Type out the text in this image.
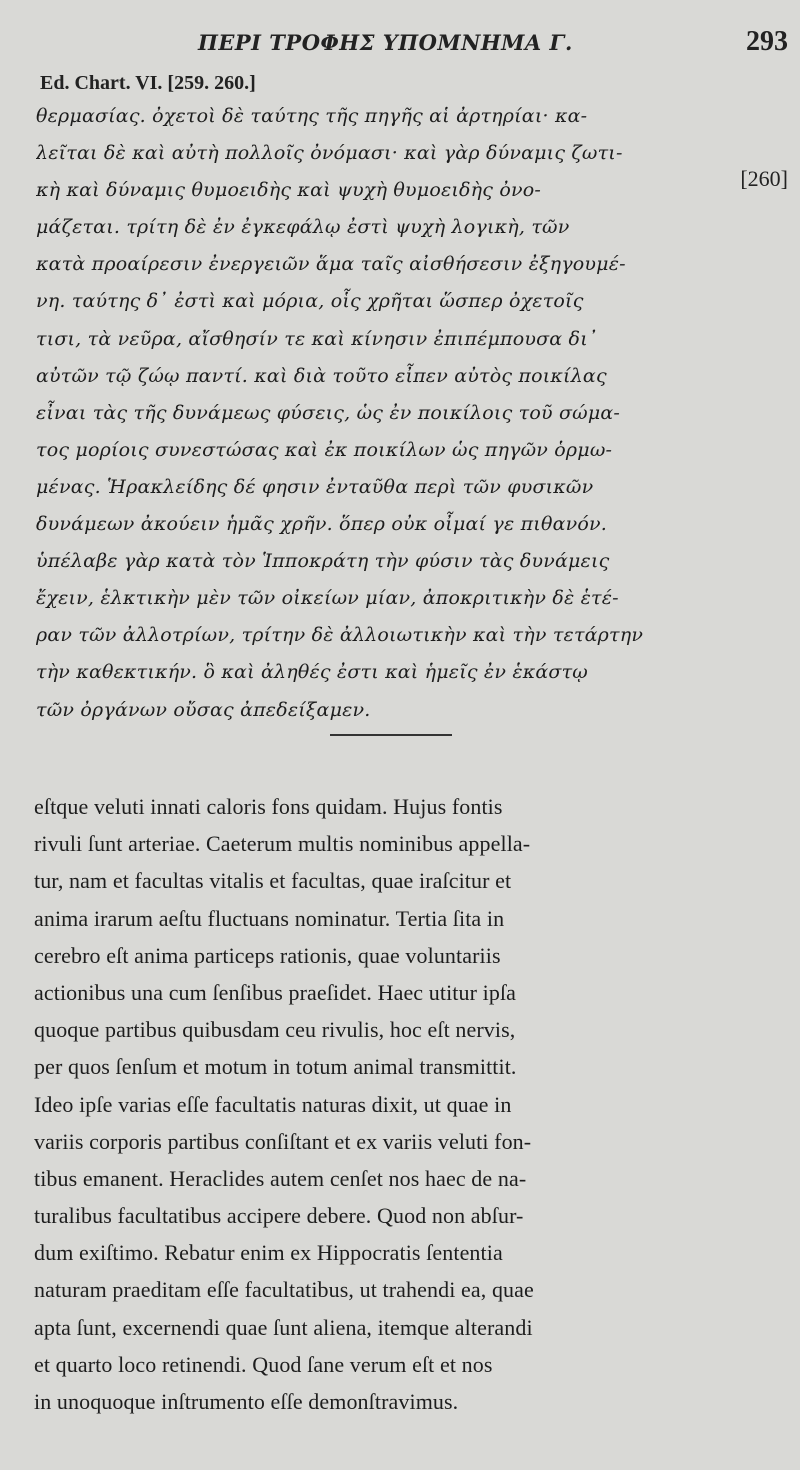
ΠΕΡΙ ΤΡΟΦΗΣ ΥΠΟΜΝΗΜΑ Γ.	293
Ed. Chart. VI. [259. 260.]
θερμασίας. ὀχετοὶ δὲ ταύτης τῆς πηγῆς αἱ ἀρτηρίαι· κα-
λεῖται δὲ καὶ αὐτὴ πολλοῖς ὀνόμασι· καὶ γὰρ δύναμις ζωτι-
κὴ καὶ δύναμις θυμοειδὴς καὶ ψυχὴ θυμοειδὴς ὀνο-
μάζεται. τρίτη δὲ ἐν ἐγκεφάλῳ ἐστὶ ψυχὴ λογικὴ, τῶν
κατὰ προαίρεσιν ἐνεργειῶν ἅμα ταῖς αἰσθήσεσιν ἐξηγουμέ-
νη. ταύτης δ᾽ ἐστὶ καὶ μόρια, οἷς χρῆται ὥσπερ ὀχετοῖς
τισι, τὰ νεῦρα, αἴσθησίν τε καὶ κίνησιν ἐπιπέμπουσα δι᾽
αὐτῶν τῷ ζώῳ παντί. καὶ διὰ τοῦτο εἶπεν αὐτὸς ποικίλας
εἶναι τὰς τῆς δυνάμεως φύσεις, ὡς ἐν ποικίλοις τοῦ σώμα-
τος μορίοις συνεστώσας καὶ ἐκ ποικίλων ὡς πηγῶν ὁρμω-
μένας. Ἡρακλείδης δέ φησιν ἐνταῦθα περὶ τῶν φυσικῶν
δυνάμεων ἀκούειν ἡμᾶς χρῆν. ὅπερ οὐκ οἶμαί γε πιθανόν.
ὑπέλαβε γὰρ κατὰ τὸν Ἱπποκράτη τὴν φύσιν τὰς δυνάμεις
ἔχειν, ἑλκτικὴν μὲν τῶν οἰκείων μίαν, ἀποκριτικὴν δὲ ἑτέ-
ραν τῶν ἀλλοτρίων, τρίτην δὲ ἀλλοιωτικὴν καὶ τὴν τετάρτην
τὴν καθεκτικήν. ὃ καὶ ἀληθές ἐστι καὶ ἡμεῖς ἐν ἑκάστῳ
τῶν ὀργάνων οὔσας ἀπεδείξαμεν.
[260]
eſtque veluti innati caloris fons quidam. Hujus fontis
rivuli ſunt arteriae. Caeterum multis nominibus appella-
tur, nam et facultas vitalis et facultas, quae iraſcitur et
anima irarum aeſtu fluctuans nominatur. Tertia ſita in
cerebro eſt anima particeps rationis, quae voluntariis
actionibus una cum ſenſibus praeſidet. Haec utitur ipſa
quoque partibus quibusdam ceu rivulis, hoc eſt nervis,
per quos ſenſum et motum in totum animal transmittit.
Ideo ipſe varias eſſe facultatis naturas dixit, ut quae in
variis corporis partibus conſiſtant et ex variis veluti fon-
tibus emanent. Heraclides autem cenſet nos haec de na-
turalibus facultatibus accipere debere. Quod non abſur-
dum exiſtimo. Rebatur enim ex Hippocratis ſententia
naturam praeditam eſſe facultatibus, ut trahendi ea, quae
apta ſunt, excernendi quae ſunt aliena, itemque alterandi
et quarto loco retinendi. Quod ſane verum eſt et nos
in unoquoque inſtrumento eſſe demonſtravimus.
